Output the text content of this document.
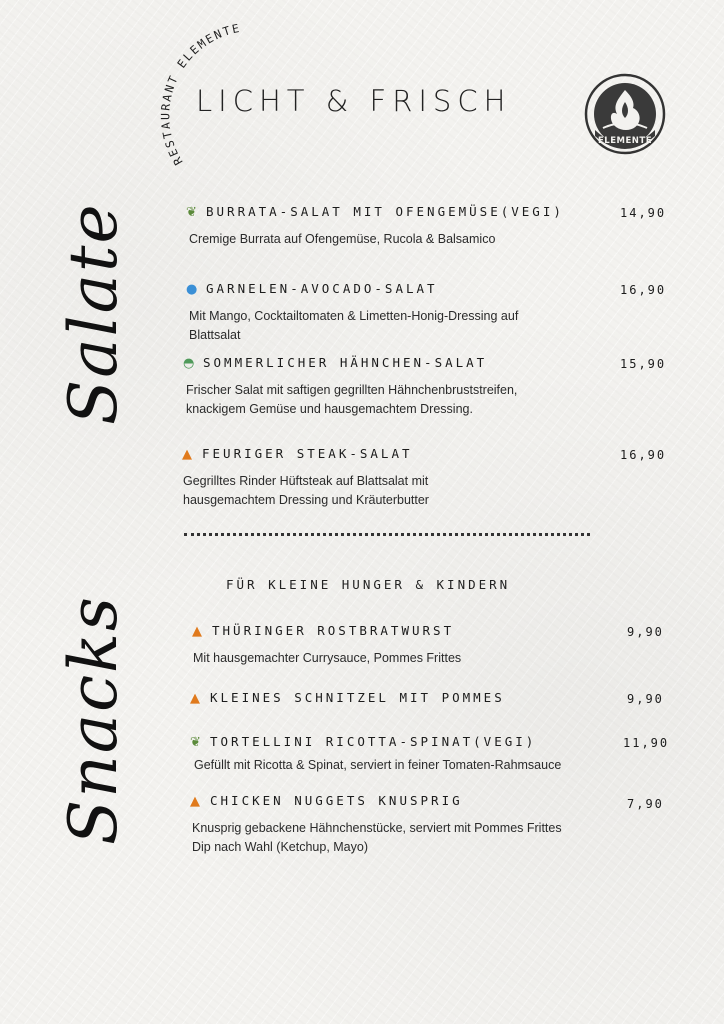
RESTAURANT ELEMENTE
LICHT & FRISCH
ELEMENTE
Salate
Snacks
❦ BURRATA-SALAT MIT OFENGEMÜSE(VEGI)
Cremige Burrata auf Ofengemüse, Rucola & Balsamico
14,90
● GARNELEN-AVOCADO-SALAT
Mit Mango, Cocktailtomaten & Limetten-Honig-Dressing auf
Blattsalat
16,90
◓ SOMMERLICHER HÄHNCHEN-SALAT
Frischer Salat mit saftigen gegrillten Hähnchenbruststreifen,
knackigem Gemüse und hausgemachtem Dressing.
15,90
▲ FEURIGER STEAK-SALAT
Gegrilltes Rinder Hüftsteak auf Blattsalat mit
hausgemachtem Dressing und Kräuterbutter
16,90
FÜR KLEINE HUNGER & KINDERN
▲ THÜRINGER ROSTBRATWURST
Mit hausgemachter Currysauce, Pommes Frittes
9,90
▲ KLEINES SCHNITZEL MIT POMMES	9,90
❦ TORTELLINI RICOTTA-SPINAT(VEGI)
Gefüllt mit Ricotta & Spinat, serviert in feiner Tomaten-Rahmsauce
11,90
▲ CHICKEN NUGGETS KNUSPRIG
Knusprig gebackene Hähnchenstücke, serviert mit Pommes Frittes
Dip nach Wahl (Ketchup, Mayo)
7,90
